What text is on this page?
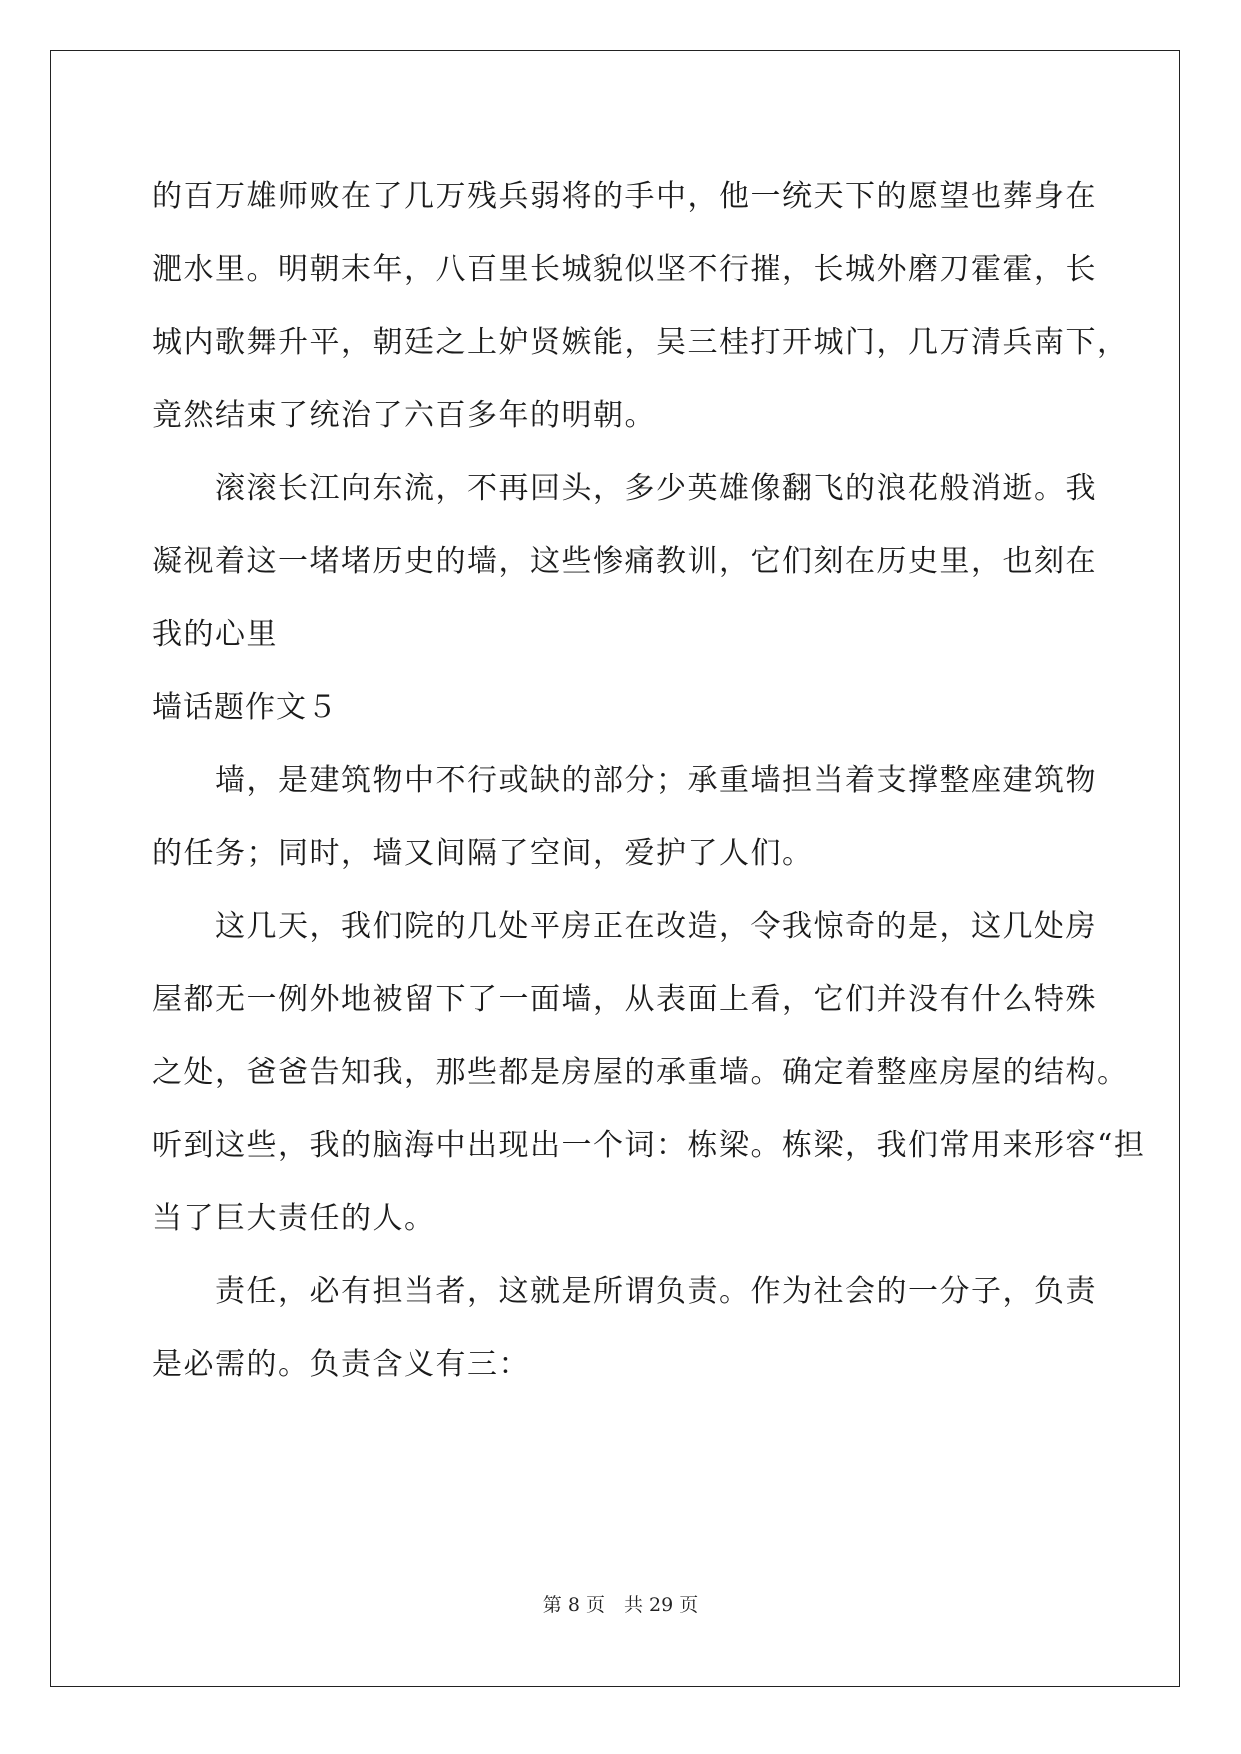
的百万雄师败在了几万残兵弱将的手中，他一统天下的愿望也葬身在
淝水里。明朝末年，八百里长城貌似坚不行摧，长城外磨刀霍霍，长
城内歌舞升平，朝廷之上妒贤嫉能，吴三桂打开城门，几万清兵南下，
竟然结束了统治了六百多年的明朝。
　　滚滚长江向东流，不再回头，多少英雄像翻飞的浪花般消逝。我
凝视着这一堵堵历史的墙，这些惨痛教训，它们刻在历史里，也刻在
我的心里
墙话题作文５
　　墙，是建筑物中不行或缺的部分；承重墙担当着支撑整座建筑物
的任务；同时，墙又间隔了空间，爱护了人们。
　　这几天，我们院的几处平房正在改造，令我惊奇的是，这几处房
屋都无一例外地被留下了一面墙，从表面上看，它们并没有什么特殊
之处，爸爸告知我，那些都是房屋的承重墙。确定着整座房屋的结构。
听到这些，我的脑海中出现出一个词：栋梁。栋梁，我们常用来形容“担
当了巨大责任的人。
　　责任，必有担当者，这就是所谓负责。作为社会的一分子，负责
是必需的。负责含义有三：
第 8 页　共 29 页
